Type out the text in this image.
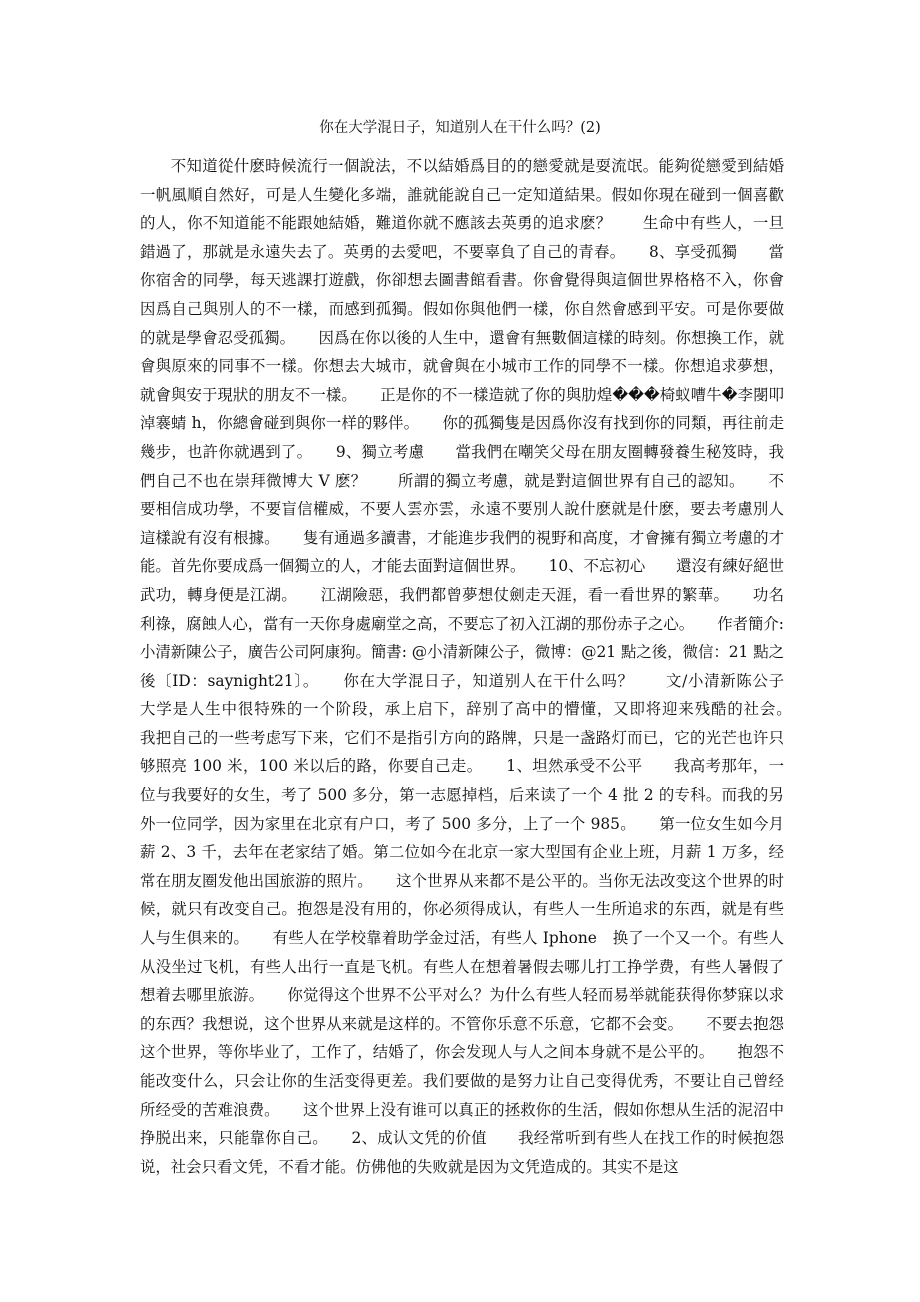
你在大学混日子，知道别人在干什么吗？(2)
不知道從什麽時候流行一個說法，不以結婚爲目的的戀愛就是耍流氓。能夠從戀愛到結婚一帆風順自然好，可是人生變化多端，誰就能說自己一定知道結果。假如你現在碰到一個喜歡的人，你不知道能不能跟她結婚，難道你就不應該去英勇的追求麽？　　生命中有些人，一旦錯過了，那就是永遠失去了。英勇的去愛吧，不要辜負了自己的青春。　　8、享受孤獨　　當你宿舍的同學，每天逃課打遊戲，你卻想去圖書館看書。你會覺得與這個世界格格不入，你會因爲自己與別人的不一樣，而感到孤獨。假如你與他們一樣，你自然會感到平安。可是你要做的就是學會忍受孤獨。　　因爲在你以後的人生中，還會有無數個這樣的時刻。你想換工作，就會與原來的同事不一樣。你想去大城市，就會與在小城市工作的同學不一樣。你想追求夢想，就會與安于現狀的朋友不一樣。　　正是你的不一樣造就了你的與肋煌���椅蚁嘈牛�李閿叩淖褰蜻 h，你總會碰到與你一样的夥伴。　　你的孤獨隻是因爲你沒有找到你的同類，再往前走幾步，也許你就遇到了。　　9、獨立考慮　　當我們在嘲笑父母在朋友圈轉發養生秘笈時，我們自己不也在崇拜微博大 V 麽？　　所謂的獨立考慮，就是對這個世界有自己的認知。　　不要相信成功學，不要盲信權威，不要人雲亦雲，永遠不要別人說什麽就是什麽，要去考慮別人這樣說有沒有根據。　　隻有通過多讀書，才能進步我們的視野和高度，才會擁有獨立考慮的才能。首先你要成爲一個獨立的人，才能去面對這個世界。　　10、不忘初心　　還沒有練好絕世武功，轉身便是江湖。　　江湖險惡，我們都曾夢想仗劍走天涯，看一看世界的繁華。　　功名利祿，腐蝕人心，當有一天你身處廟堂之高，不要忘了初入江湖的那份赤子之心。　　作者簡介: 小清新陳公子，廣告公司阿康狗。簡書: @小清新陳公子，微博：@21 點之後，微信：21 點之後〔ID：saynight21〕。　　你在大学混日子，知道别人在干什么吗？　　文/小清新陈公子　　大学是人生中很特殊的一个阶段，承上启下，辞别了高中的懵懂，又即将迎来残酷的社会。　　我把自己的一些考虑写下来，它们不是指引方向的路牌，只是一盏路灯而已，它的光芒也许只够照亮 100 米，100 米以后的路，你要自己走。　　1、坦然承受不公平　　我高考那年，一位与我要好的女生，考了 500 多分，第一志愿掉档，后来读了一个 4 批 2 的专科。而我的另外一位同学，因为家里在北京有户口，考了 500 多分，上了一个 985。　　第一位女生如今月薪 2、3 千，去年在老家结了婚。第二位如今在北京一家大型国有企业上班，月薪 1 万多，经常在朋友圈发他出国旅游的照片。　　这个世界从来都不是公平的。当你无法改变这个世界的时候，就只有改变自己。抱怨是没有用的，你必须得成认，有些人一生所追求的东西，就是有些人与生俱来的。　　有些人在学校靠着助学金过活，有些人 Iphone　换了一个又一个。有些人从没坐过飞机，有些人出行一直是飞机。有些人在想着暑假去哪儿打工挣学费，有些人暑假了想着去哪里旅游。　　你觉得这个世界不公平对么？为什么有些人轻而易举就能获得你梦寐以求的东西？我想说，这个世界从来就是这样的。不管你乐意不乐意，它都不会变。　　不要去抱怨这个世界，等你毕业了，工作了，结婚了，你会发现人与人之间本身就不是公平的。　　抱怨不能改变什么，只会让你的生活变得更差。我们要做的是努力让自己变得优秀，不要让自己曾经所经受的苦难浪费。　　这个世界上没有谁可以真正的拯救你的生活，假如你想从生活的泥沼中挣脱出来，只能靠你自己。　　2、成认文凭的价值　　我经常听到有些人在找工作的时候抱怨说，社会只看文凭，不看才能。仿佛他的失败就是因为文凭造成的。其实不是这
